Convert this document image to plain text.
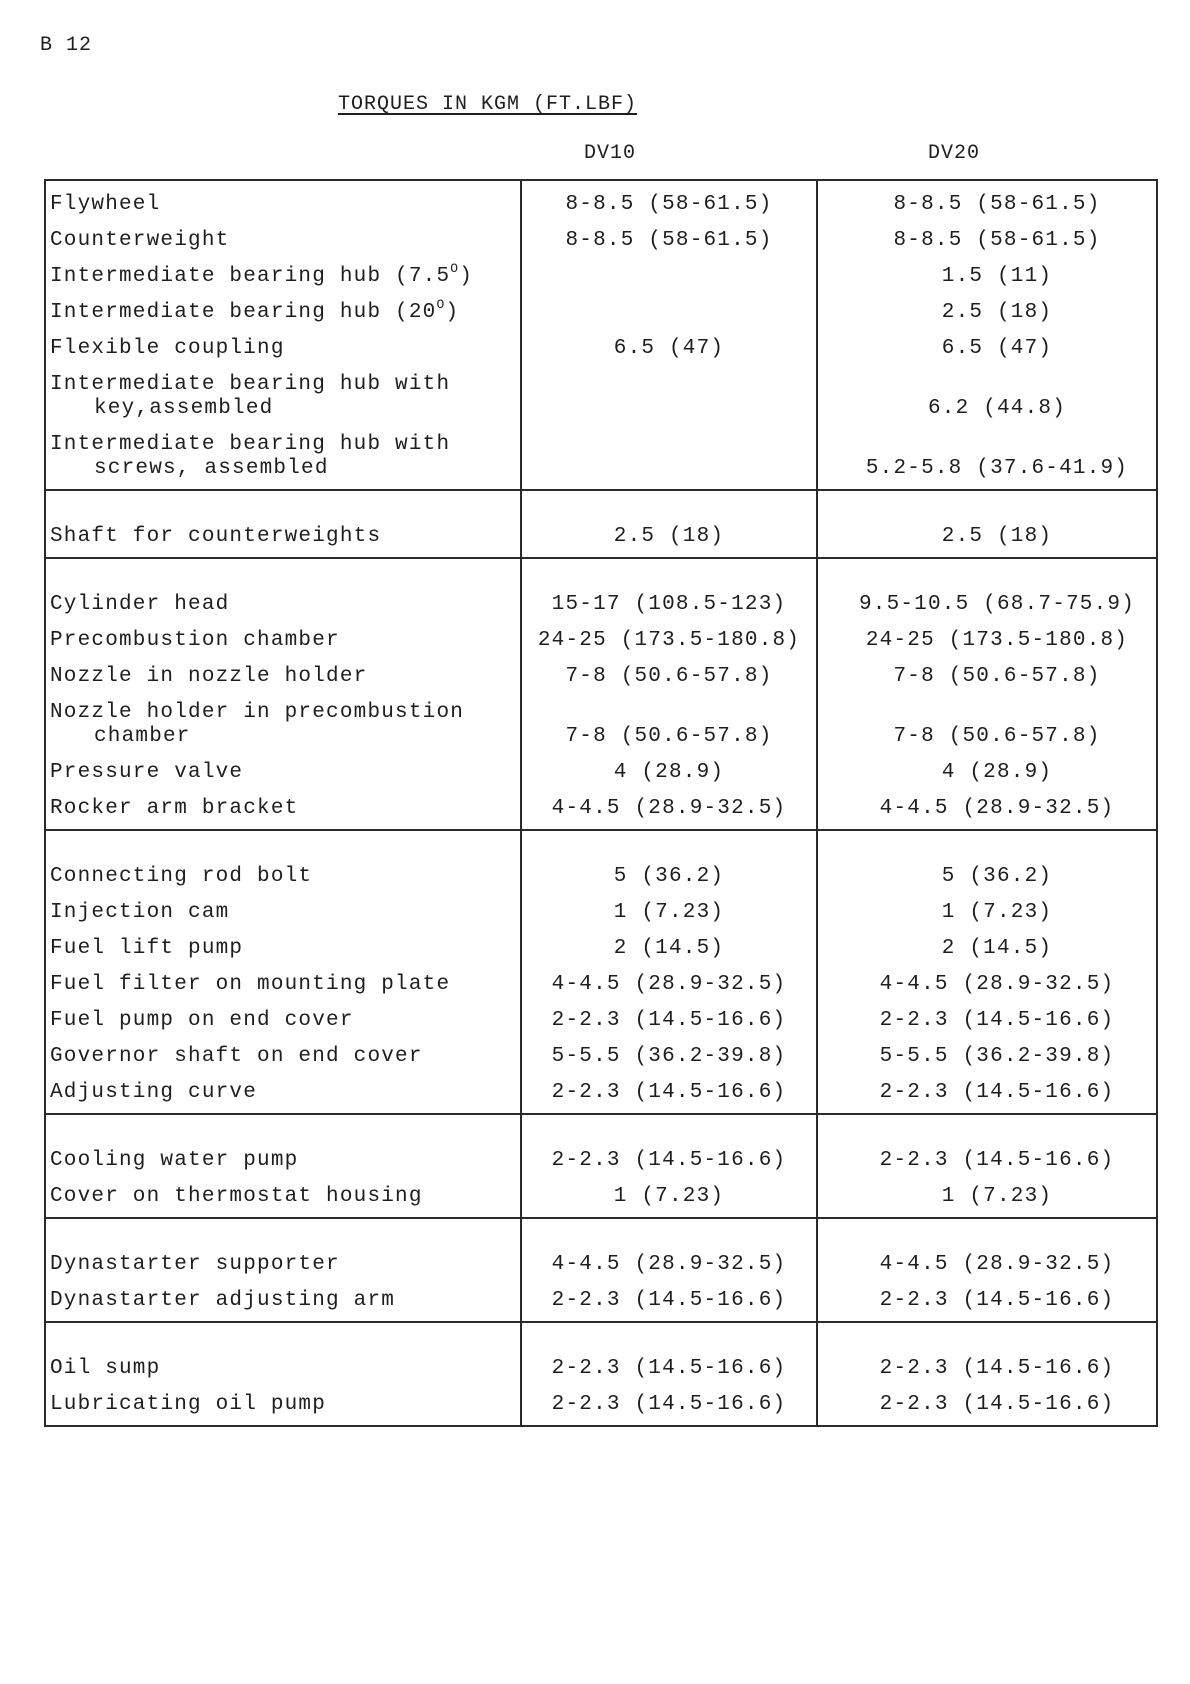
B 12
TORQUES IN KGM (FT.LBF)
DV10	DV20
Flywheel	8-8.5 (58-61.5)	8-8.5 (58-61.5)
Counterweight	8-8.5 (58-61.5)	8-8.5 (58-61.5)
Intermediate bearing hub $(7.5^O)$		1.5 (11)
Intermediate bearing hub $(20^O)$		2.5 (18)
Flexible coupling	6.5 (47)	6.5 (47)
Intermediate bearing hub with
key,assembled		6.2 (44.8)
Intermediate bearing hub with
screws, assembled		5.2-5.8 (37.6-41.9)

Shaft for counterweights	2.5 (18)	2.5 (18)

Cylinder head	15-17 (108.5-123)	9.5-10.5 (68.7-75.9)
Precombustion chamber	24-25 (173.5-180.8)	24-25 (173.5-180.8)
Nozzle in nozzle holder	7-8 (50.6-57.8)	7-8 (50.6-57.8)
Nozzle holder in precombustion
chamber	7-8 (50.6-57.8)	7-8 (50.6-57.8)
Pressure valve	4 (28.9)	4 (28.9)
Rocker arm bracket	4-4.5 (28.9-32.5)	4-4.5 (28.9-32.5)

Connecting rod bolt	5 (36.2)	5 (36.2)
Injection cam	1 (7.23)	1 (7.23)
Fuel lift pump	2 (14.5)	2 (14.5)
Fuel filter on mounting plate	4-4.5 (28.9-32.5)	4-4.5 (28.9-32.5)
Fuel pump on end cover	2-2.3 (14.5-16.6)	2-2.3 (14.5-16.6)
Governor shaft on end cover	5-5.5 (36.2-39.8)	5-5.5 (36.2-39.8)
Adjusting curve	2-2.3 (14.5-16.6)	2-2.3 (14.5-16.6)

Cooling water pump	2-2.3 (14.5-16.6)	2-2.3 (14.5-16.6)
Cover on thermostat housing	1 (7.23)	1 (7.23)

Dynastarter supporter	4-4.5 (28.9-32.5)	4-4.5 (28.9-32.5)
Dynastarter adjusting arm	2-2.3 (14.5-16.6)	2-2.3 (14.5-16.6)

Oil sump	2-2.3 (14.5-16.6)	2-2.3 (14.5-16.6)
Lubricating oil pump	2-2.3 (14.5-16.6)	2-2.3 (14.5-16.6)
